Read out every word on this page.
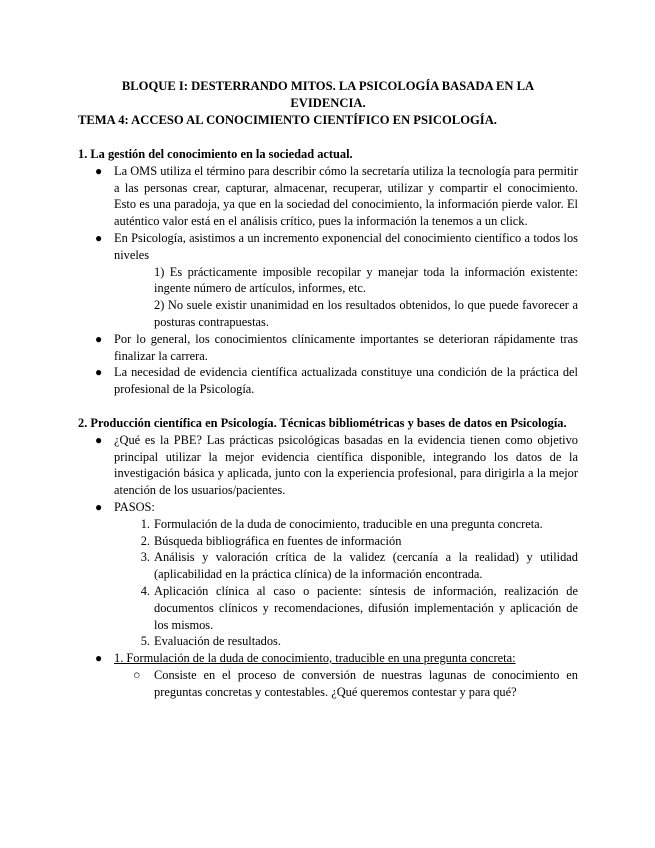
BLOQUE I: DESTERRANDO MITOS. LA PSICOLOGÍA BASADA EN LA
EVIDENCIA.
TEMA 4: ACCESO AL CONOCIMIENTO CIENTÍFICO EN PSICOLOGÍA.
1. La gestión del conocimiento en la sociedad actual.
● La OMS utiliza el término para describir cómo la secretaría utiliza la tecnología para permitir a las personas crear, capturar, almacenar, recuperar, utilizar y compartir el conocimiento. Esto es una paradoja, ya que en la sociedad del conocimiento, la información pierde valor. El auténtico valor está en el análisis crítico, pues la información la tenemos a un click.
● En Psicología, asistimos a un incremento exponencial del conocimiento científico a todos los niveles
1) Es prácticamente imposible recopilar y manejar toda la información existente: ingente número de artículos, informes, etc.
2) No suele existir unanimidad en los resultados obtenidos, lo que puede favorecer a posturas contrapuestas.
● Por lo general, los conocimientos clínicamente importantes se deterioran rápidamente tras finalizar la carrera.
● La necesidad de evidencia científica actualizada constituye una condición de la práctica del profesional de la Psicología.
2. Producción científica en Psicología. Técnicas bibliométricas y bases de datos en Psicología.
● ¿Qué es la PBE? Las prácticas psicológicas basadas en la evidencia tienen como objetivo principal utilizar la mejor evidencia científica disponible, integrando los datos de la investigación básica y aplicada, junto con la experiencia profesional, para dirigirla a la mejor atención de los usuarios/pacientes.
● PASOS:
1. Formulación de la duda de conocimiento, traducible en una pregunta concreta.
2. Búsqueda bibliográfica en fuentes de información
3. Análisis y valoración crítica de la validez (cercanía a la realidad) y utilidad (aplicabilidad en la práctica clínica) de la información encontrada.
4. Aplicación clínica al caso o paciente: síntesis de información, realización de documentos clínicos y recomendaciones, difusión implementación y aplicación de los mismos.
5. Evaluación de resultados.
● 1. Formulación de la duda de conocimiento, traducible en una pregunta concreta:
○ Consiste en el proceso de conversión de nuestras lagunas de conocimiento en preguntas concretas y contestables. ¿Qué queremos contestar y para qué?
